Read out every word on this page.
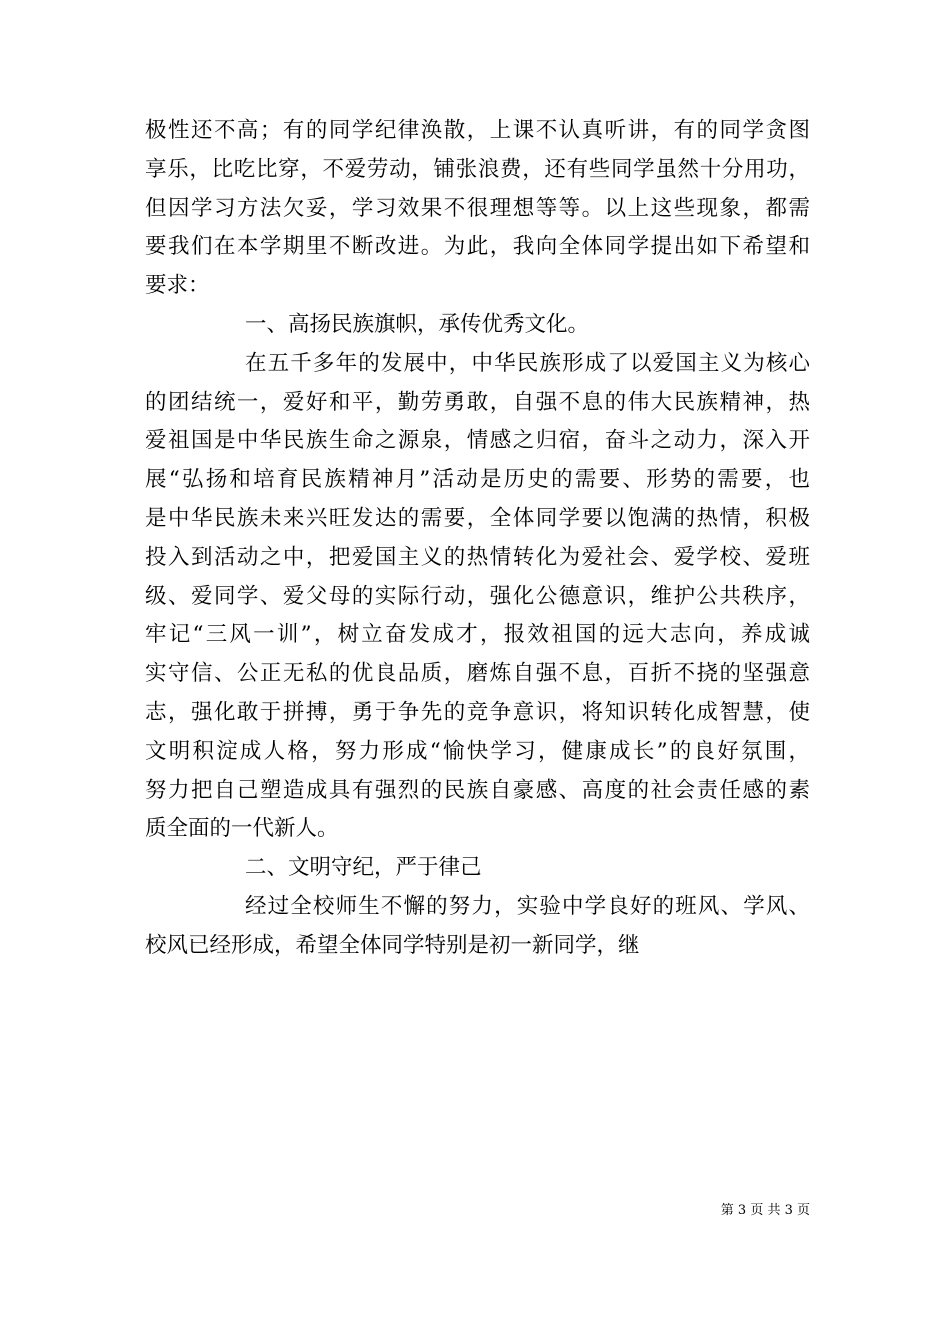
极性还不高；有的同学纪律涣散，上课不认真听讲，有的同学贪图
享乐，比吃比穿，不爱劳动，铺张浪费，还有些同学虽然十分用功，
但因学习方法欠妥，学习效果不很理想等等。以上这些现象，都需
要我们在本学期里不断改进。为此，我向全体同学提出如下希望和
要求：
一、高扬民族旗帜，承传优秀文化。
在五千多年的发展中，中华民族形成了以爱国主义为核心
的团结统一，爱好和平，勤劳勇敢，自强不息的伟大民族精神，热
爱祖国是中华民族生命之源泉，情感之归宿，奋斗之动力，深入开
展“弘扬和培育民族精神月”活动是历史的需要、形势的需要，也
是中华民族未来兴旺发达的需要，全体同学要以饱满的热情，积极
投入到活动之中，把爱国主义的热情转化为爱社会、爱学校、爱班
级、爱同学、爱父母的实际行动，强化公德意识，维护公共秩序，
牢记“三风一训”，树立奋发成才，报效祖国的远大志向，养成诚
实守信、公正无私的优良品质，磨炼自强不息，百折不挠的坚强意
志，强化敢于拼搏，勇于争先的竞争意识，将知识转化成智慧，使
文明积淀成人格，努力形成“愉快学习，健康成长”的良好氛围，
努力把自己塑造成具有强烈的民族自豪感、高度的社会责任感的素
质全面的一代新人。
二、文明守纪，严于律己
经过全校师生不懈的努力，实验中学良好的班风、学风、
校风已经形成，希望全体同学特别是初一新同学，继
第 3 页 共 3 页
